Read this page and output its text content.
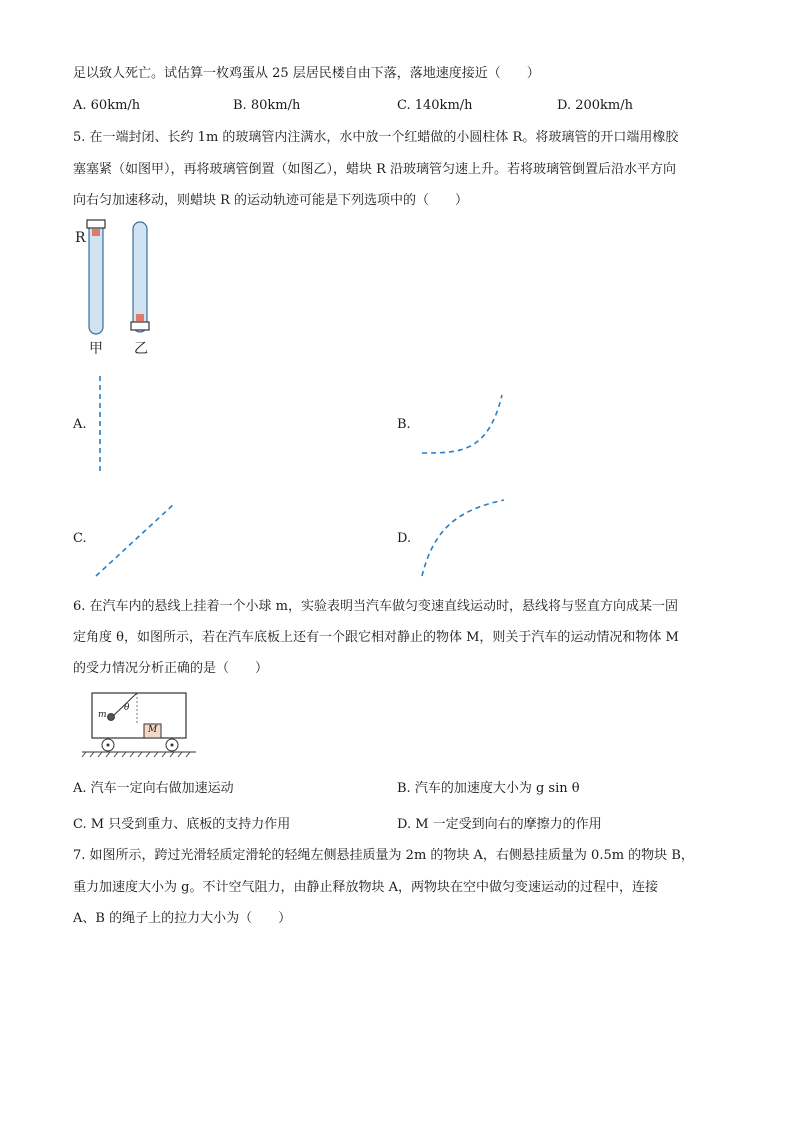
足以致人死亡。试估算一枚鸡蛋从 25 层居民楼自由下落，落地速度接近（　　）
A. 60km/h	B. 80km/h	C. 140km/h	D. 200km/h
5. 在一端封闭、长约 1m 的玻璃管内注满水，水中放一个红蜡做的小圆柱体 R。将玻璃管的开口端用橡胶
塞塞紧（如图甲），再将玻璃管倒置（如图乙），蜡块 R 沿玻璃管匀速上升。若将玻璃管倒置后沿水平方向
向右匀加速移动，则蜡块 R 的运动轨迹可能是下列选项中的（　　）
R
甲 乙
A.	B.
C.	D.
6. 在汽车内的悬线上挂着一个小球 m，实验表明当汽车做匀变速直线运动时，悬线将与竖直方向成某一固
定角度 θ，如图所示，若在汽车底板上还有一个跟它相对静止的物体 M，则关于汽车的运动情况和物体 M
的受力情况分析正确的是（　　）
m
θ
M
A. 汽车一定向右做加速运动	B. 汽车的加速度大小为 g sin θ
C. M 只受到重力、底板的支持力作用	D. M 一定受到向右的摩擦力的作用
7. 如图所示，跨过光滑轻质定滑轮的轻绳左侧悬挂质量为 2m 的物块 A，右侧悬挂质量为 0.5m 的物块 B，
重力加速度大小为 g。不计空气阻力，由静止释放物块 A，两物块在空中做匀变速运动的过程中，连接
A、B 的绳子上的拉力大小为（　　）
